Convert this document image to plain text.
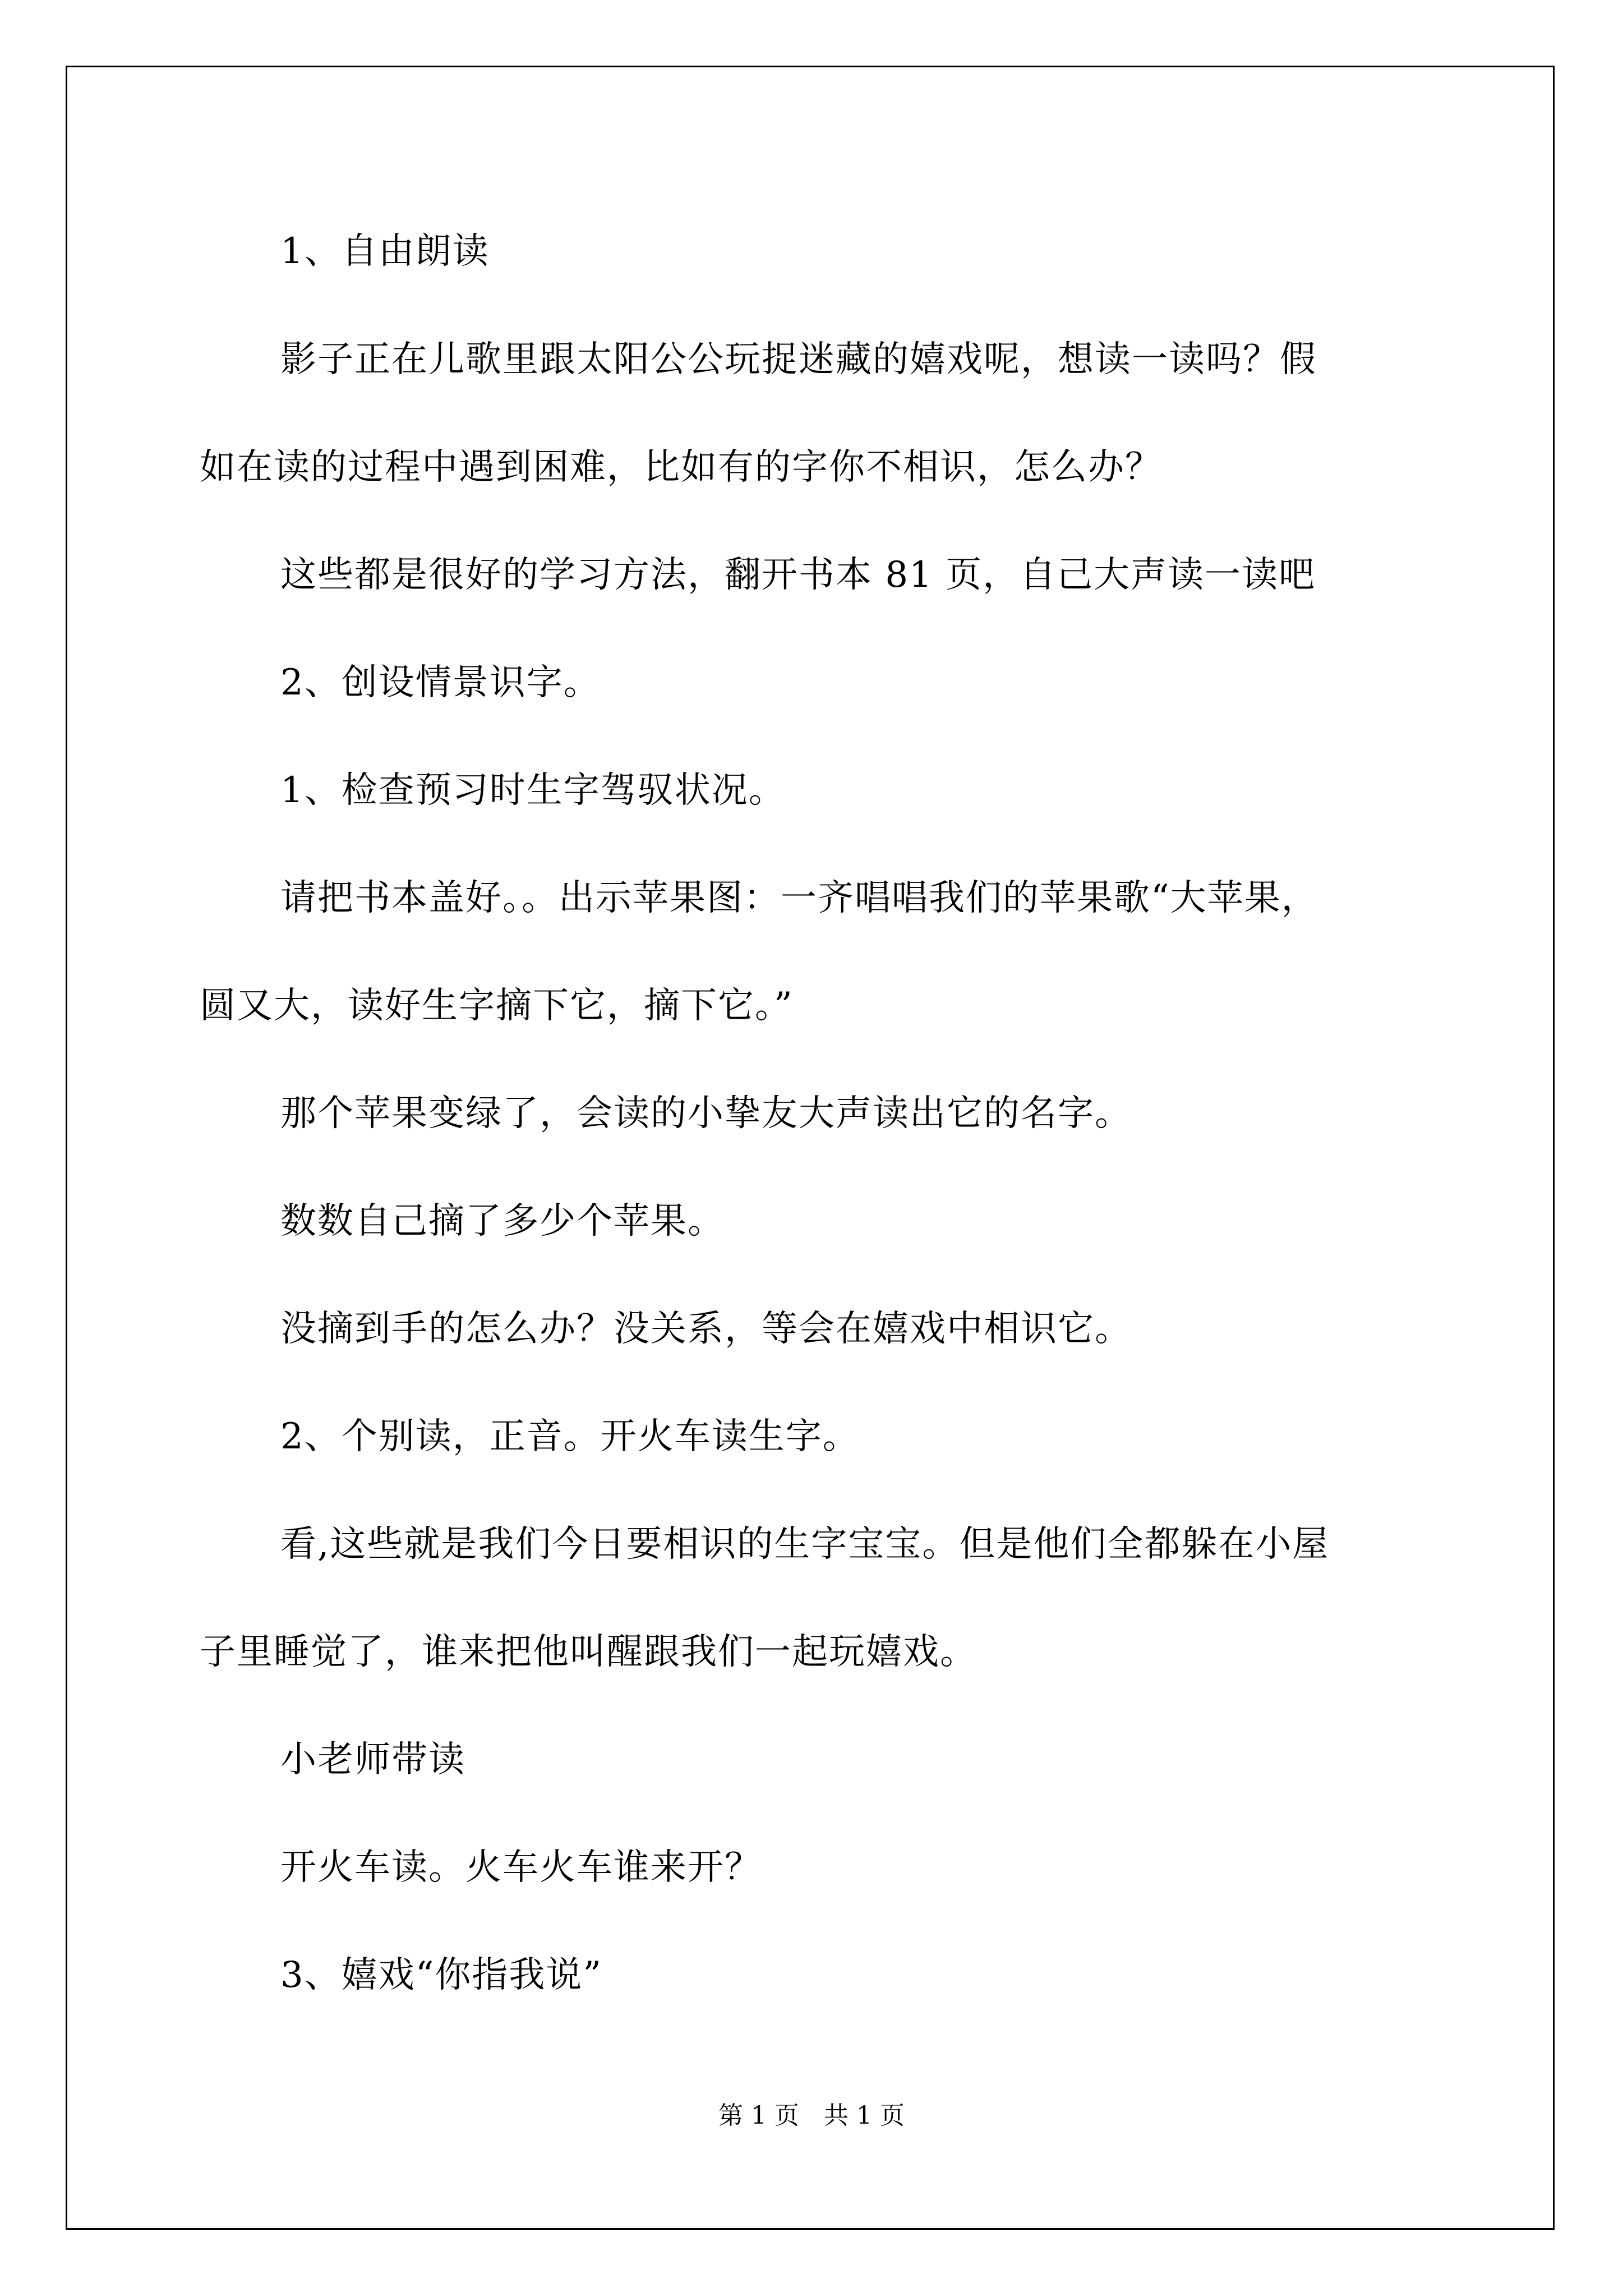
1、自由朗读

影子正在儿歌里跟太阳公公玩捉迷藏的嬉戏呢，想读一读吗？假

如在读的过程中遇到困难，比如有的字你不相识，怎么办？

这些都是很好的学习方法，翻开书本 81 页，自己大声读一读吧

2、创设情景识字。

1、检查预习时生字驾驭状况。

请把书本盖好。。出示苹果图：一齐唱唱我们的苹果歌“大苹果，

圆又大，读好生字摘下它，摘下它。”

那个苹果变绿了，会读的小挚友大声读出它的名字。

数数自己摘了多少个苹果。

没摘到手的怎么办？没关系，等会在嬉戏中相识它。

2、个别读，正音。开火车读生字。

看,这些就是我们今日要相识的生字宝宝。但是他们全都躲在小屋

子里睡觉了，谁来把他叫醒跟我们一起玩嬉戏。

小老师带读

开火车读。火车火车谁来开？

3、嬉戏“你指我说”

第 1 页　共 1 页
